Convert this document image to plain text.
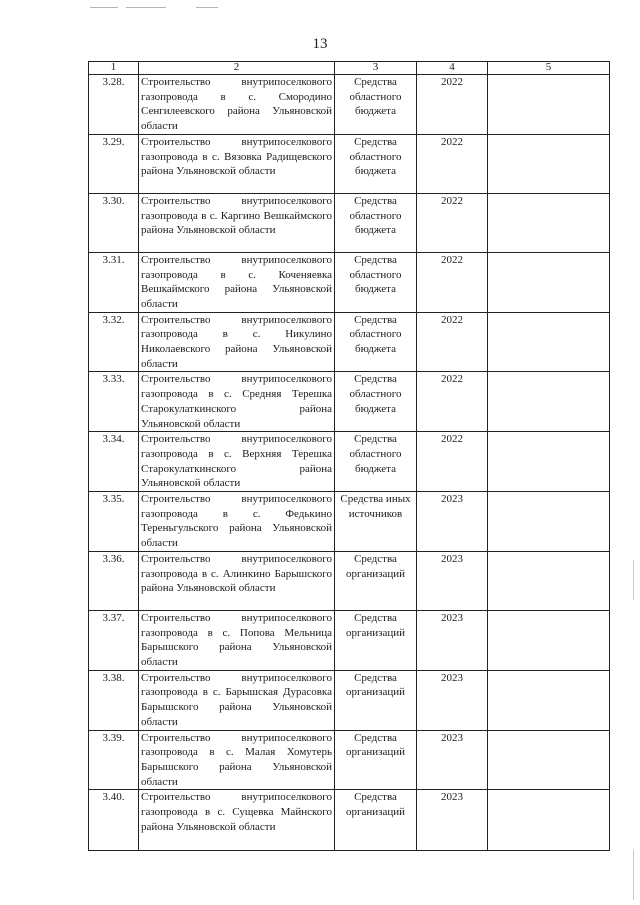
13
1	2	3	4	5
3.28.	Строительство внутрипоселкового газопровода в с. Смородино Сенгилеевского района Ульяновской области	Средства областного бюджета	2022	
3.29.	Строительство внутрипоселкового газопровода в с. Вязовка Радищевского района Ульяновской области	Средства областного бюджета	2022	
3.30.	Строительство внутрипоселкового газопровода в с. Каргино Вешкаймского района Ульяновской области	Средства областного бюджета	2022	
3.31.	Строительство внутрипоселкового газопровода в с. Коченяевка Вешкаймского района Ульяновской области	Средства областного бюджета	2022	
3.32.	Строительство внутрипоселкового газопровода в с. Никулино Николаевского района Ульяновской области	Средства областного бюджета	2022	
3.33.	Строительство внутрипоселкового газопровода в с. Средняя Терешка Старокулаткинского района Ульяновской области	Средства областного бюджета	2022	
3.34.	Строительство внутрипоселкового газопровода в с. Верхняя Терешка Старокулаткинского района Ульяновской области	Средства областного бюджета	2022	
3.35.	Строительство внутрипоселкового газопровода в с. Федькино Тереньгульского района Ульяновской области	Средства иных источников	2023	
3.36.	Строительство внутрипоселкового газопровода в с. Алинкино Барышского района Ульяновской области	Средства организаций	2023	
3.37.	Строительство внутрипоселкового газопровода в с. Попова Мельница Барышского района Ульяновской области	Средства организаций	2023	
3.38.	Строительство внутрипоселкового газопровода в с. Барышская Дурасовка Барышского района Ульяновской области	Средства организаций	2023	
3.39.	Строительство внутрипоселкового газопровода в с. Малая Хомутерь Барышского района Ульяновской области	Средства организаций	2023	
3.40.	Строительство внутрипоселкового газопровода в с. Сущевка Майнского района Ульяновской области	Средства организаций	2023	
